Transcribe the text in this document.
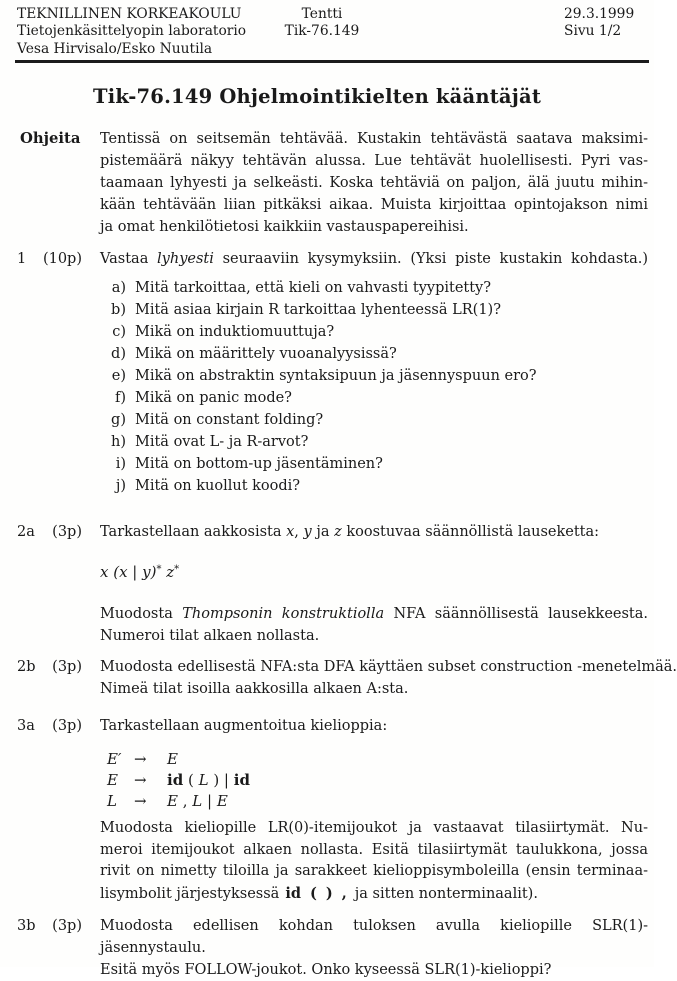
TEKNILLINEN KORKEAKOULU
Tietojenkäsittelyopin laboratorio
Vesa Hirvisalo/Esko Nuutila
Tentti
Tik-76.149
29.3.1999
Sivu 1/2
Tik-76.149 Ohjelmointikielten kääntäjät
Ohjeita Tentissä on seitsemän tehtävää. Kustakin tehtävästä saatava maksimi-
pistemäärä näkyy tehtävän alussa. Lue tehtävät huolellisesti. Pyri vas-
taamaan lyhyesti ja selkeästi. Koska tehtäviä on paljon, älä juutu mihin-
kään tehtävään liian pitkäksi aikaa. Muista kirjoittaa opintojakson nimi
ja omat henkilötietosi kaikkiin vastauspapereihisi.
1	(10p) Vastaa lyhyesti seuraaviin kysymyksiin. (Yksi piste kustakin kohdasta.)
a) Mitä tarkoittaa, että kieli on vahvasti tyypitetty?
b) Mitä asiaa kirjain R tarkoittaa lyhenteessä LR(1)?
c) Mikä on induktiomuuttuja?
d) Mikä on määrittely vuoanalyysissä?
e) Mikä on abstraktin syntaksipuun ja jäsennyspuun ero?
f) Mikä on panic mode?
g) Mitä on constant folding?
h) Mitä ovat L- ja R-arvot?
i) Mitä on bottom-up jäsentäminen?
j) Mitä on kuollut koodi?
2a	(3p) Tarkastellaan aakkosista x, y ja z koostuvaa säännöllistä lauseketta:
x (x | y)* z*
Muodosta Thompsonin konstruktiolla NFA säännöllisestä lausekkeesta.
Numeroi tilat alkaen nollasta.
2b	(3p) Muodosta edellisestä NFA:sta DFA käyttäen subset construction -menetelmää.
Nimeä tilat isoilla aakkosilla alkaen A:sta.
3a	(3p) Tarkastellaan augmentoitua kielioppia:
E′ → E
E → id ( L ) | id
L → E , L | E
Muodosta kieliopille LR(0)-itemijoukot ja vastaavat tilasiirtymät. Nu-
meroi itemijoukot alkaen nollasta. Esitä tilasiirtymät taulukkona, jossa
rivit on nimetty tiloilla ja sarakkeet kielioppisymboleilla (ensin terminaa-
lisymbolit järjestyksessä id ( ) , ja sitten nonterminaalit).
3b	(3p) Muodosta edellisen kohdan tuloksen avulla kieliopille SLR(1)-jäsennystaulu.
Esitä myös FOLLOW-joukot. Onko kyseessä SLR(1)-kielioppi?
